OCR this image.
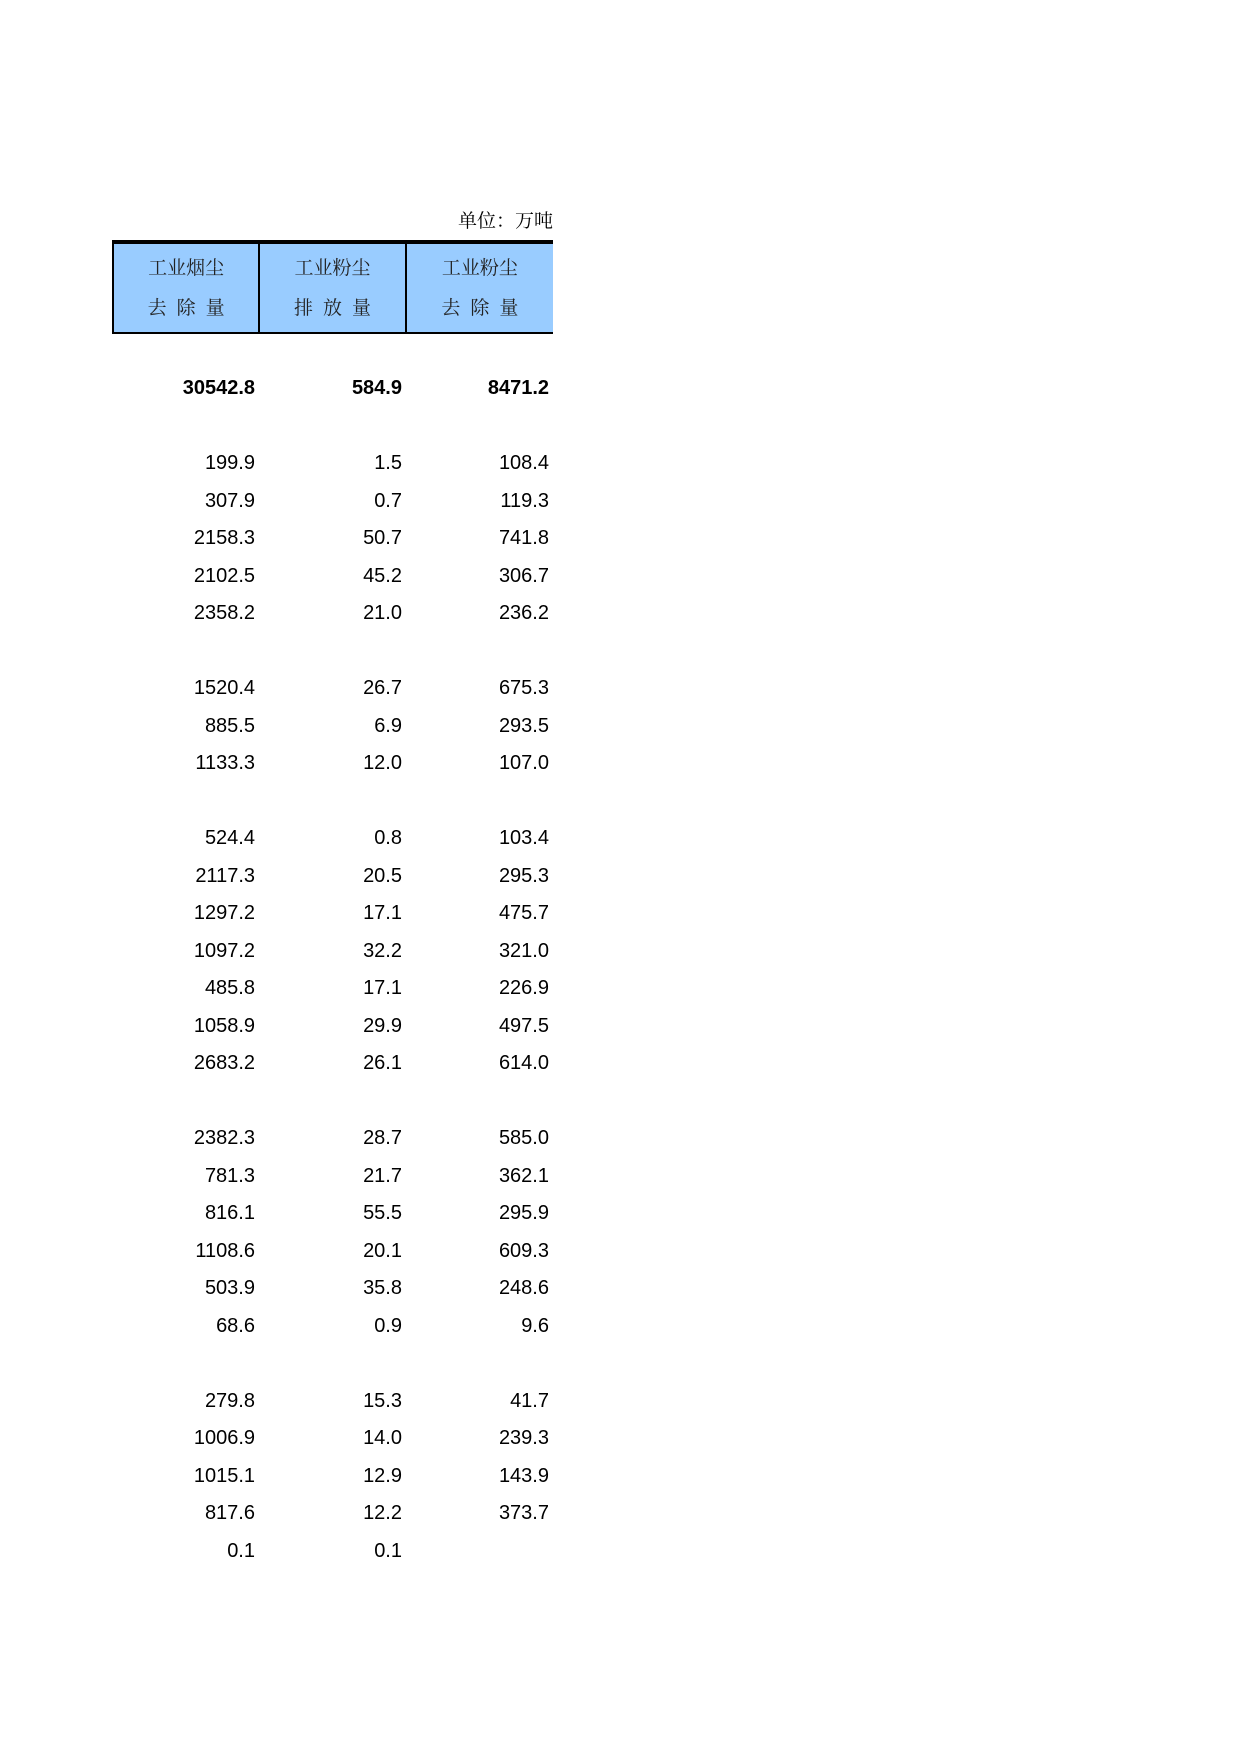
单位：万吨
工业烟尘
去除量
工业粉尘
排放量
工业粉尘
去除量
30542.8	584.9	8471.2
199.9	1.5	108.4
307.9	0.7	119.3
2158.3	50.7	741.8
2102.5	45.2	306.7
2358.2	21.0	236.2
1520.4	26.7	675.3
885.5	6.9	293.5
1133.3	12.0	107.0
524.4	0.8	103.4
2117.3	20.5	295.3
1297.2	17.1	475.7
1097.2	32.2	321.0
485.8	17.1	226.9
1058.9	29.9	497.5
2683.2	26.1	614.0
2382.3	28.7	585.0
781.3	21.7	362.1
816.1	55.5	295.9
1108.6	20.1	609.3
503.9	35.8	248.6
68.6	0.9	9.6
279.8	15.3	41.7
1006.9	14.0	239.3
1015.1	12.9	143.9
817.6	12.2	373.7
0.1	0.1
